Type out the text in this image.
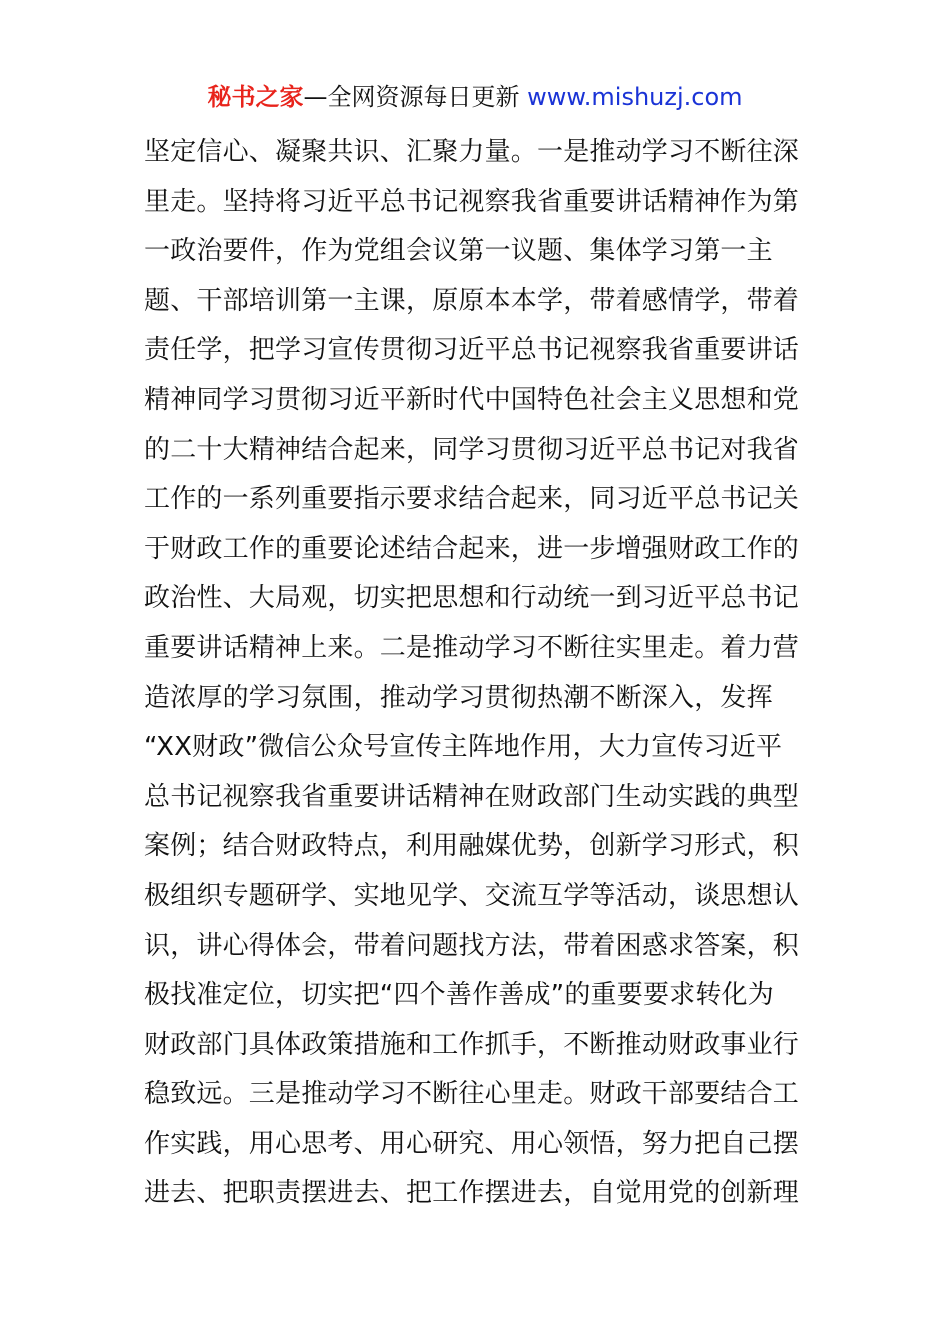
秘书之家—全网资源每日更新 www.mishuzj.com
坚定信心、凝聚共识、汇聚力量。一是推动学习不断往深
里走。坚持将习近平总书记视察我省重要讲话精神作为第
一政治要件，作为党组会议第一议题、集体学习第一主
题、干部培训第一主课，原原本本学，带着感情学，带着
责任学，把学习宣传贯彻习近平总书记视察我省重要讲话
精神同学习贯彻习近平新时代中国特色社会主义思想和党
的二十大精神结合起来，同学习贯彻习近平总书记对我省
工作的一系列重要指示要求结合起来，同习近平总书记关
于财政工作的重要论述结合起来，进一步增强财政工作的
政治性、大局观，切实把思想和行动统一到习近平总书记
重要讲话精神上来。二是推动学习不断往实里走。着力营
造浓厚的学习氛围，推动学习贯彻热潮不断深入，发挥
“XX财政”微信公众号宣传主阵地作用，大力宣传习近平
总书记视察我省重要讲话精神在财政部门生动实践的典型
案例；结合财政特点，利用融媒优势，创新学习形式，积
极组织专题研学、实地见学、交流互学等活动，谈思想认
识，讲心得体会，带着问题找方法，带着困惑求答案，积
极找准定位，切实把“四个善作善成”的重要要求转化为
财政部门具体政策措施和工作抓手，不断推动财政事业行
稳致远。三是推动学习不断往心里走。财政干部要结合工
作实践，用心思考、用心研究、用心领悟，努力把自己摆
进去、把职责摆进去、把工作摆进去，自觉用党的创新理
